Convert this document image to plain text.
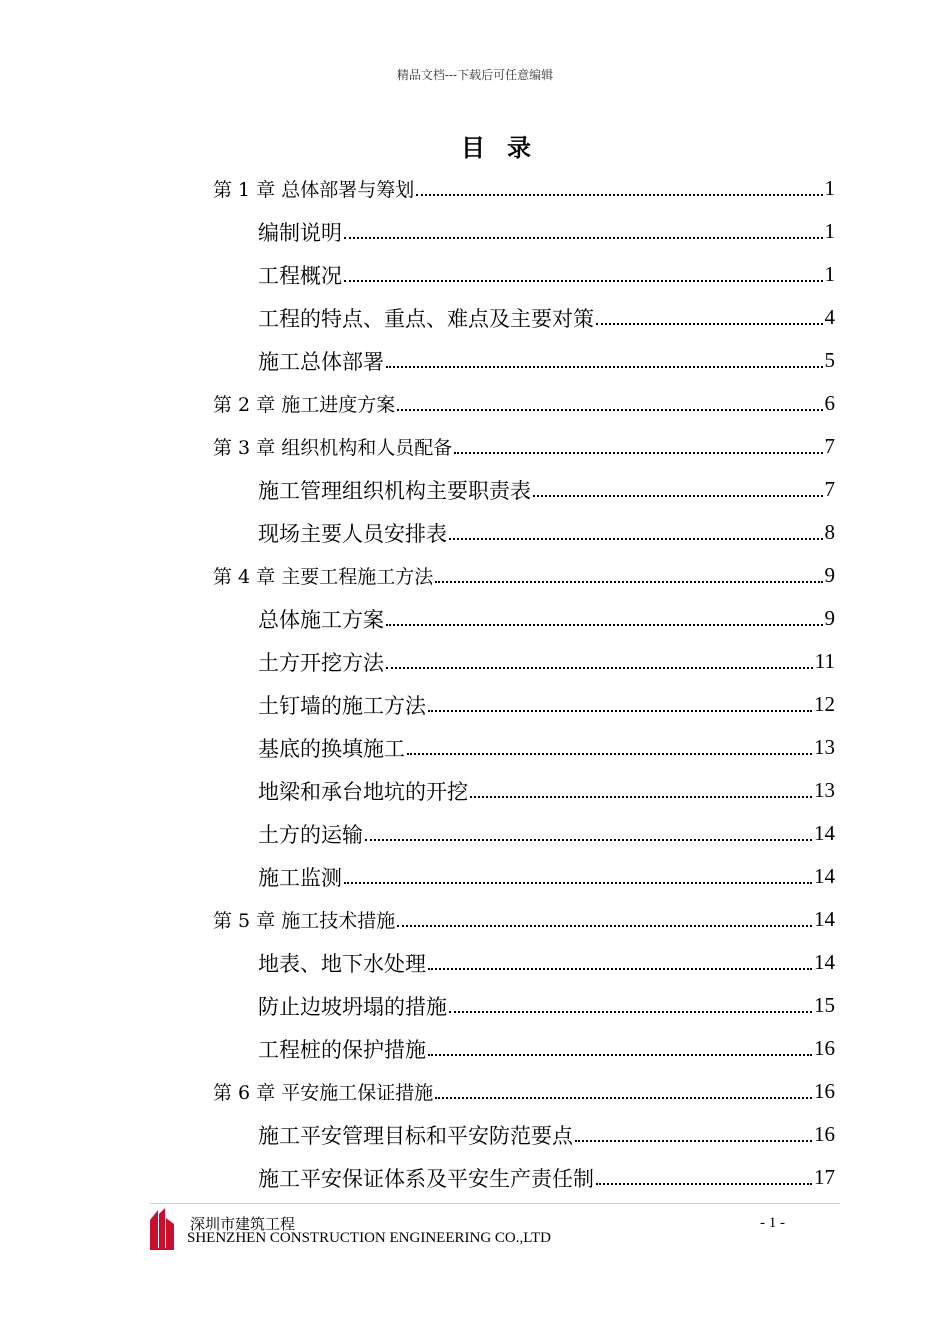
精品文档---下载后可任意编辑
目录
第 1 章 总体部署与筹划	1
编制说明	1
工程概况	1
工程的特点、重点、难点及主要对策	4
施工总体部署	5
第 2 章 施工进度方案	6
第 3 章 组织机构和人员配备	7
施工管理组织机构主要职责表	7
现场主要人员安排表	8
第 4 章 主要工程施工方法	9
总体施工方案	9
土方开挖方法	11
土钉墙的施工方法	12
基底的换填施工	13
地梁和承台地坑的开挖	13
土方的运输	14
施工监测	14
第 5 章 施工技术措施	14
地表、地下水处理	14
防止边坡坍塌的措施	15
工程桩的保护措施	16
第 6 章 平安施工保证措施	16
施工平安管理目标和平安防范要点	16
施工平安保证体系及平安生产责任制	17
深圳市建筑工程
SHENZHEN CONSTRUCTION ENGINEERING CO.,LTD
- 1 -
